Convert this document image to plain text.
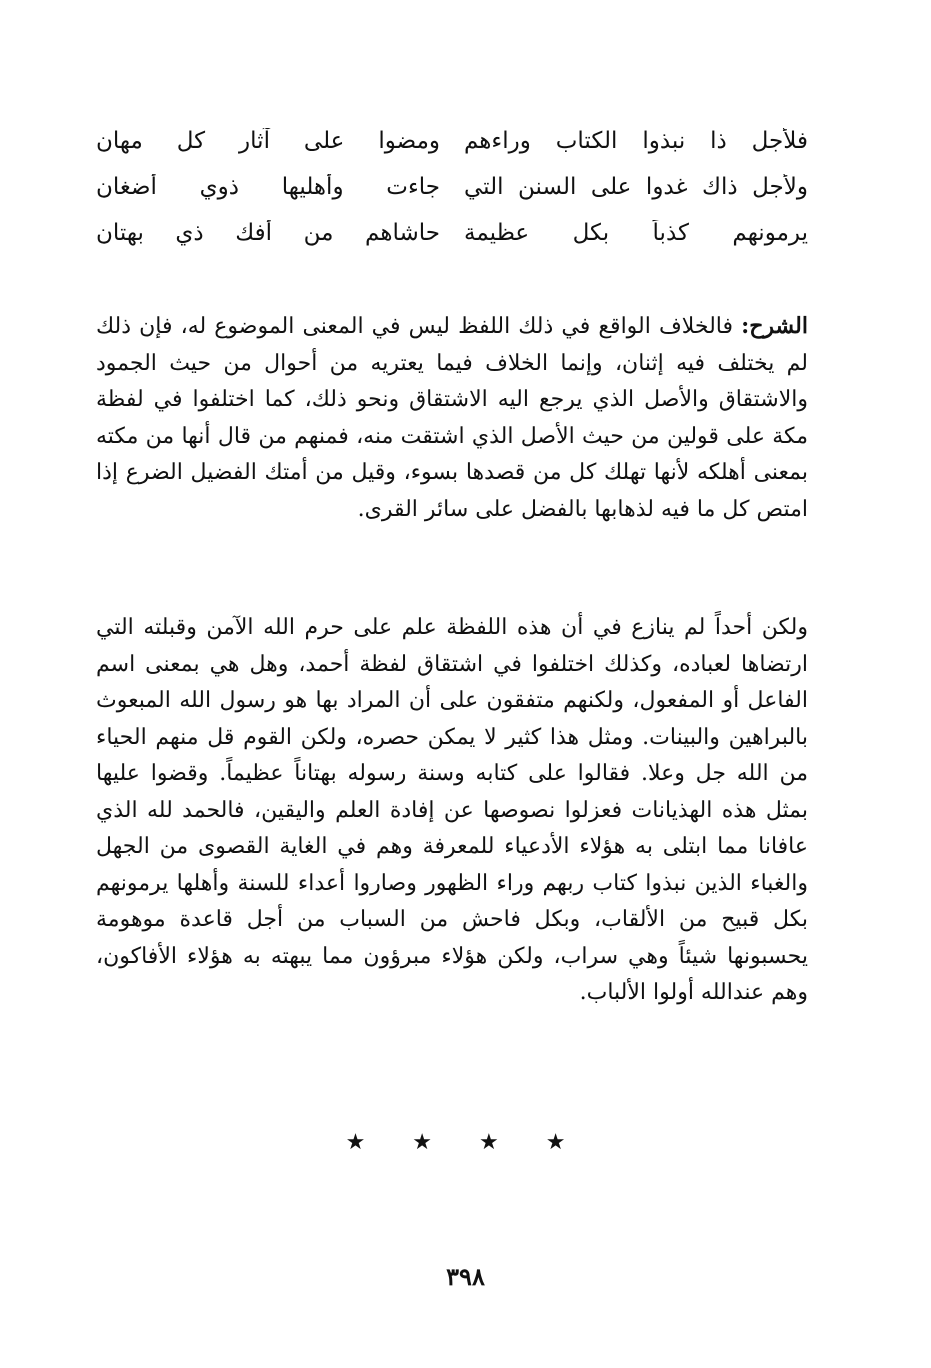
فلأجل ذا نبذوا الكتاب وراءهم
ومضوا على آثار كل مهان
ولأجل ذاك غدوا على السنن التي
جاءت وأهليها ذوي أضغان
يرمونهم كذباً بكل عظيمة
حاشاهم من أفك ذي بهتان

الشرح: فالخلاف الواقع في ذلك اللفظ ليس في المعنى الموضوع له، فإن ذلك لم يختلف فيه إثنان، وإنما الخلاف فيما يعتريه من أحوال من حيث الجمود والاشتقاق والأصل الذي يرجع اليه الاشتقاق ونحو ذلك، كما اختلفوا في لفظة مكة على قولين من حيث الأصل الذي اشتقت منه، فمنهم من قال أنها من مكته بمعنى أهلكه لأنها تهلك كل من قصدها بسوء، وقيل من أمتك الفضيل الضرع إذا امتص كل ما فيه لذهابها بالفضل على سائر القرى.

ولكن أحداً لم ينازع في أن هذه اللفظة علم على حرم الله الآمن وقبلته التي ارتضاها لعباده، وكذلك اختلفوا في اشتقاق لفظة أحمد، وهل هي بمعنى اسم الفاعل أو المفعول، ولكنهم متفقون على أن المراد بها هو رسول الله المبعوث بالبراهين والبينات. ومثل هذا كثير لا يمكن حصره، ولكن القوم قل منهم الحياء من الله جل وعلا. فقالوا على كتابه وسنة رسوله بهتاناً عظيماً. وقضوا عليها بمثل هذه الهذيانات فعزلوا نصوصها عن إفادة العلم واليقين، فالحمد لله الذي عافانا مما ابتلى به هؤلاء الأدعياء للمعرفة وهم في الغاية القصوى من الجهل والغباء الذين نبذوا كتاب ربهم وراء الظهور وصاروا أعداء للسنة وأهلها يرمونهم بكل قبيح من الألقاب، وبكل فاحش من السباب من أجل قاعدة موهومة يحسبونها شيئاً وهي سراب، ولكن هؤلاء مبرؤون مما يبهته به هؤلاء الأفاكون، وهم عندالله أولوا الألباب.

★ ★ ★ ★
٣٩٨
